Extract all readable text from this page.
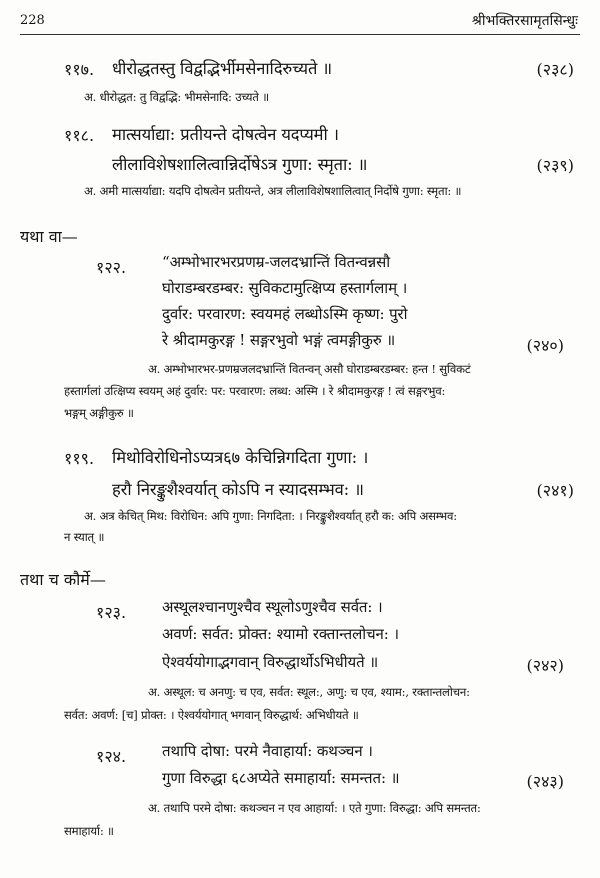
228	श्रीभक्तिरसामृतसिन्धुः
११७. धीरोद्धतस्तु विद्वद्भिर्भीमसेनादिरुच्यते ॥	(२३८)
अ. धीरोद्धत: तु विद्वद्भि: भीमसेनादि: उच्यते ॥
११८. मात्सर्याद्या: प्रतीयन्ते दोषत्वेन यदप्यमी ।
लीलाविशेषशालित्वान्निर्दोषेऽत्र गुणा: स्मृता: ॥	(२३९)
अ. अमी मात्सर्याद्या: यदपि दोषत्वेन प्रतीयन्ते, अत्र लीलाविशेषशालित्वात् निर्दोषे गुणा: स्मृता: ॥
यथा वा—
१२२. “अम्भोभारभरप्रणम्र-जलदभ्रान्तिं वितन्वन्नसौ
घोराडम्बरडम्बर: सुविकटामुत्क्षिप्य हस्तार्गलाम् ।
दुर्वार: परवारण: स्वयमहं लब्धोऽस्मि कृष्ण: पुरो
रे श्रीदामकुरङ्ग ! सङ्गरभुवो भङ्गं त्वमङ्गीकुरु ॥	(२४०)
अ. अम्भोभारभर-प्रणम्रजलदभ्रान्तिं वितन्वन् असौ घोराडम्बरडम्बर: हन्त ! सुविकटं
हस्तार्गलां उत्क्षिप्य स्वयम् अहं दुर्वार: पर: परवारण: लब्ध: अस्मि । रे श्रीदामकुरङ्ग ! त्वं सङ्गरभुव:
भङ्गम् अङ्गीकुरु ॥
११९. मिथोविरोधिनोऽप्यत्र६७ केचिन्निगदिता गुणा: ।
हरौ निरङ्कुशैश्वर्यात् कोऽपि न स्यादसम्भव: ॥	(२४१)
अ. अत्र केचित् मिथ: विरोधिन: अपि गुणा: निगदिता: । निरङ्कुशैश्वर्यात् हरौ क: अपि असम्भव:
न स्यात् ॥
तथा च कौर्मे—
१२३. अस्थूलश्चानणुश्चैव स्थूलोऽणुश्चैव सर्वत: ।
अवर्ण: सर्वत: प्रोक्त: श्यामो रक्तान्तलोचन: ।
ऐश्वर्ययोगाद्भगवान् विरुद्धार्थोऽभिधीयते ॥	(२४२)
अ. अस्थूल: च अनणु: च एव, सर्वत: स्थूल:, अणु: च एव, श्याम:, रक्तान्तलोचन:
सर्वत: अवर्ण: [च] प्रोक्त: । ऐश्वर्ययोगात् भगवान् विरुद्धार्थ: अभिधीयते ॥
१२४. तथापि दोषा: परमे नैवाहार्या: कथञ्चन ।
गुणा विरुद्धा ६८अप्येते समाहार्या: समन्तत: ॥	(२४३)
अ. तथापि परमे दोषा: कथञ्चन न एव आहार्या: । एते गुणा: विरुद्धा: अपि समन्तत:
समाहार्या: ॥
